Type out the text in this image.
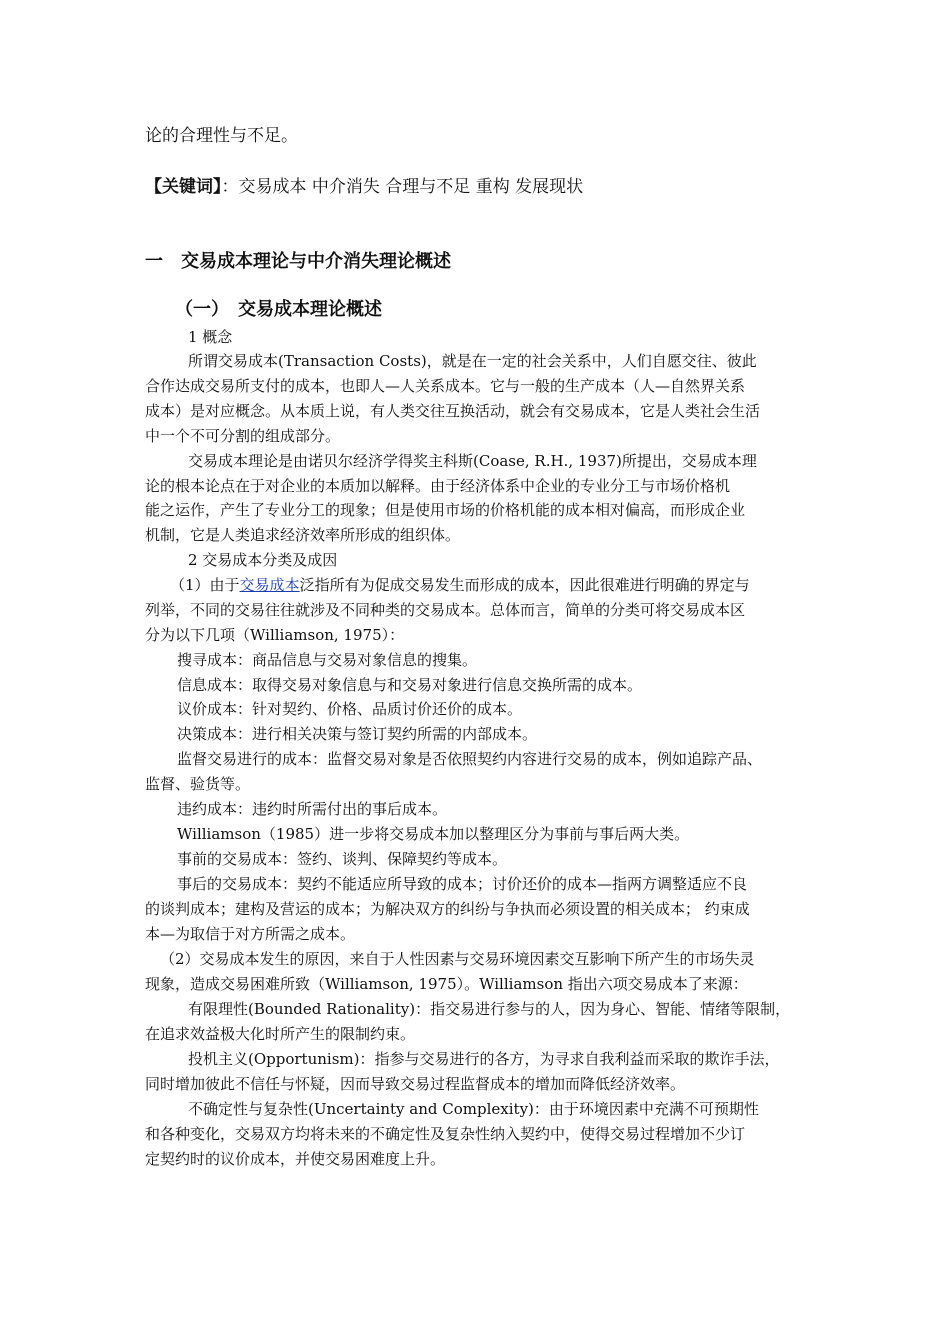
论的合理性与不足。
【关键词】：交易成本 中介消失 合理与不足 重构 发展现状
一　交易成本理论与中介消失理论概述
（一）　交易成本理论概述
1 概念
所谓交易成本(Transaction Costs)，就是在一定的社会关系中，人们自愿交往、彼此
合作达成交易所支付的成本，也即人—人关系成本。它与一般的生产成本（人—自然界关系
成本）是对应概念。从本质上说，有人类交往互换活动，就会有交易成本，它是人类社会生活
中一个不可分割的组成部分。
交易成本理论是由诺贝尔经济学得奖主科斯(Coase, R.H., 1937)所提出，交易成本理
论的根本论点在于对企业的本质加以解释。由于经济体系中企业的专业分工与市场价格机
能之运作，产生了专业分工的现象；但是使用市场的价格机能的成本相对偏高，而形成企业
机制，它是人类追求经济效率所形成的组织体。
2 交易成本分类及成因
（1）由于交易成本泛指所有为促成交易发生而形成的成本，因此很难进行明确的界定与
列举，不同的交易往往就涉及不同种类的交易成本。总体而言，简单的分类可将交易成本区
分为以下几项（Williamson, 1975）：
搜寻成本：商品信息与交易对象信息的搜集。
信息成本：取得交易对象信息与和交易对象进行信息交换所需的成本。
议价成本：针对契约、价格、品质讨价还价的成本。
决策成本：进行相关决策与签订契约所需的内部成本。
监督交易进行的成本：监督交易对象是否依照契约内容进行交易的成本，例如追踪产品、
监督、验货等。
违约成本：违约时所需付出的事后成本。
Williamson（1985）进一步将交易成本加以整理区分为事前与事后两大类。
事前的交易成本：签约、谈判、保障契约等成本。
事后的交易成本：契约不能适应所导致的成本；讨价还价的成本—指两方调整适应不良
的谈判成本；建构及营运的成本；为解决双方的纠纷与争执而必须设置的相关成本； 约束成
本—为取信于对方所需之成本。
（2）交易成本发生的原因，来自于人性因素与交易环境因素交互影响下所产生的市场失灵
现象，造成交易困难所致（Williamson, 1975）。Williamson 指出六项交易成本了来源：
有限理性(Bounded Rationality)：指交易进行参与的人，因为身心、智能、情绪等限制，
在追求效益极大化时所产生的限制约束。
投机主义(Opportunism)：指参与交易进行的各方，为寻求自我利益而采取的欺诈手法，
同时增加彼此不信任与怀疑，因而导致交易过程监督成本的增加而降低经济效率。
不确定性与复杂性(Uncertainty and Complexity)：由于环境因素中充满不可预期性
和各种变化，交易双方均将未来的不确定性及复杂性纳入契约中，使得交易过程增加不少订
定契约时的议价成本，并使交易困难度上升。
